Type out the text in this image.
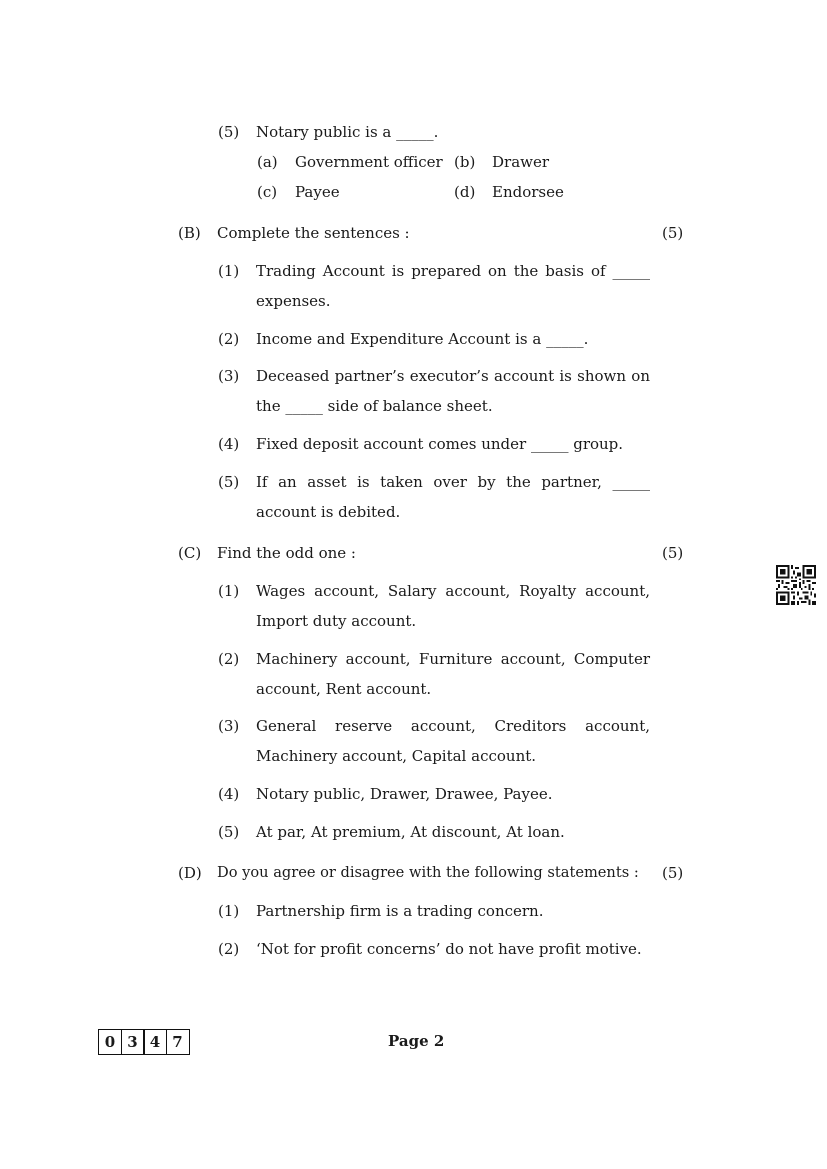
(5) Notary public is a _____.
(a) Government officer (b) Drawer
(c) Payee	(d) Endorsee
(B) Complete the sentences :	(5)
(1) Trading Account is prepared on the basis of _____
expenses.
(2) Income and Expenditure Account is a _____.
(3) Deceased partner’s executor’s account is shown on
the _____ side of balance sheet.
(4) Fixed deposit account comes under _____ group.
(5) If an asset is taken over by the partner, _____
account is debited.
(C) Find the odd one :	(5)
(1) Wages account, Salary account, Royalty account,
Import duty account.
(2) Machinery account, Furniture account, Computer
account, Rent account.
(3) General reserve account, Creditors account,
Machinery account, Capital account.
(4) Notary public, Drawer, Drawee, Payee.
(5) At par, At premium, At discount, At loan.
(D) Do you agree or disagree with the following statements : (5)
(1) Partnership firm is a trading concern.
(2) ‘Not for profit concerns’ do not have profit motive.
0 3 4 7	Page 2
